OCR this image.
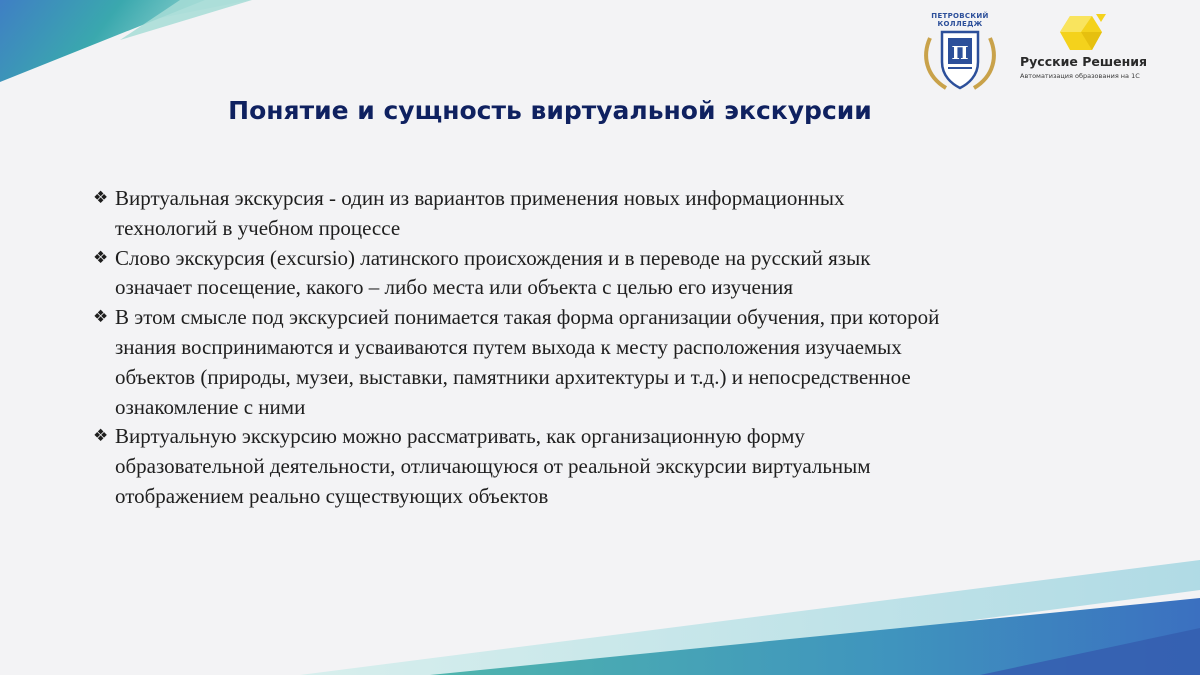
ПЕТРОВСКИЙ
КОЛЛЕДЖ
П	Русские Решения
Автоматизация образования на 1С
Понятие и сущность виртуальной экскурсии
❖ Виртуальная экскурсия - один из вариантов применения новых информационных
технологий в учебном процессе
❖ Слово экскурсия (excursio) латинского происхождения и в переводе на русский язык
означает посещение, какого – либо места или объекта с целью его изучения
❖ В этом смысле под экскурсией понимается такая форма организации обучения, при которой
знания воспринимаются и усваиваются путем выхода к месту расположения изучаемых
объектов (природы, музеи, выставки, памятники архитектуры и т.д.) и непосредственное
ознакомление с ними
❖ Виртуальную экскурсию можно рассматривать, как организационную форму
образовательной деятельности, отличающуюся от реальной экскурсии виртуальным
отображением реально существующих объектов
